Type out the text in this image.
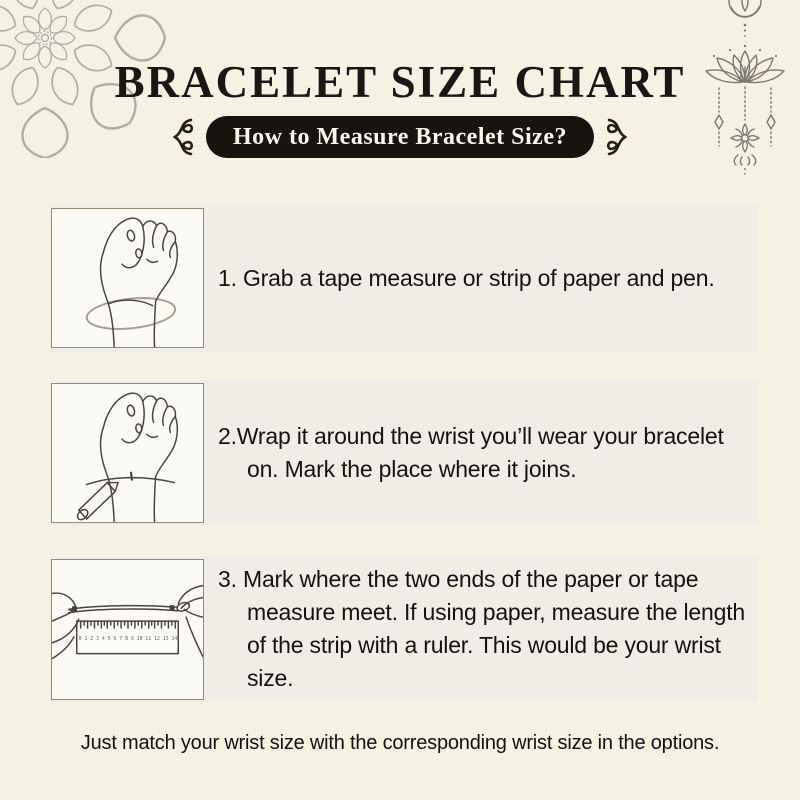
BRACELET SIZE CHART
How to Measure Bracelet Size?

1. Grab a tape measure or strip of paper and pen.

2.Wrap it around the wrist you’ll wear your bracelet on. Mark the place where it joins.

0 1 2 3 4 5 6 7 8 9 10 11 12 13 14

3. Mark where the two ends of the paper or tape measure meet. If using paper, measure the length of the strip with a ruler. This would be your wrist size.

Just match your wrist size with the corresponding wrist size in the options.
